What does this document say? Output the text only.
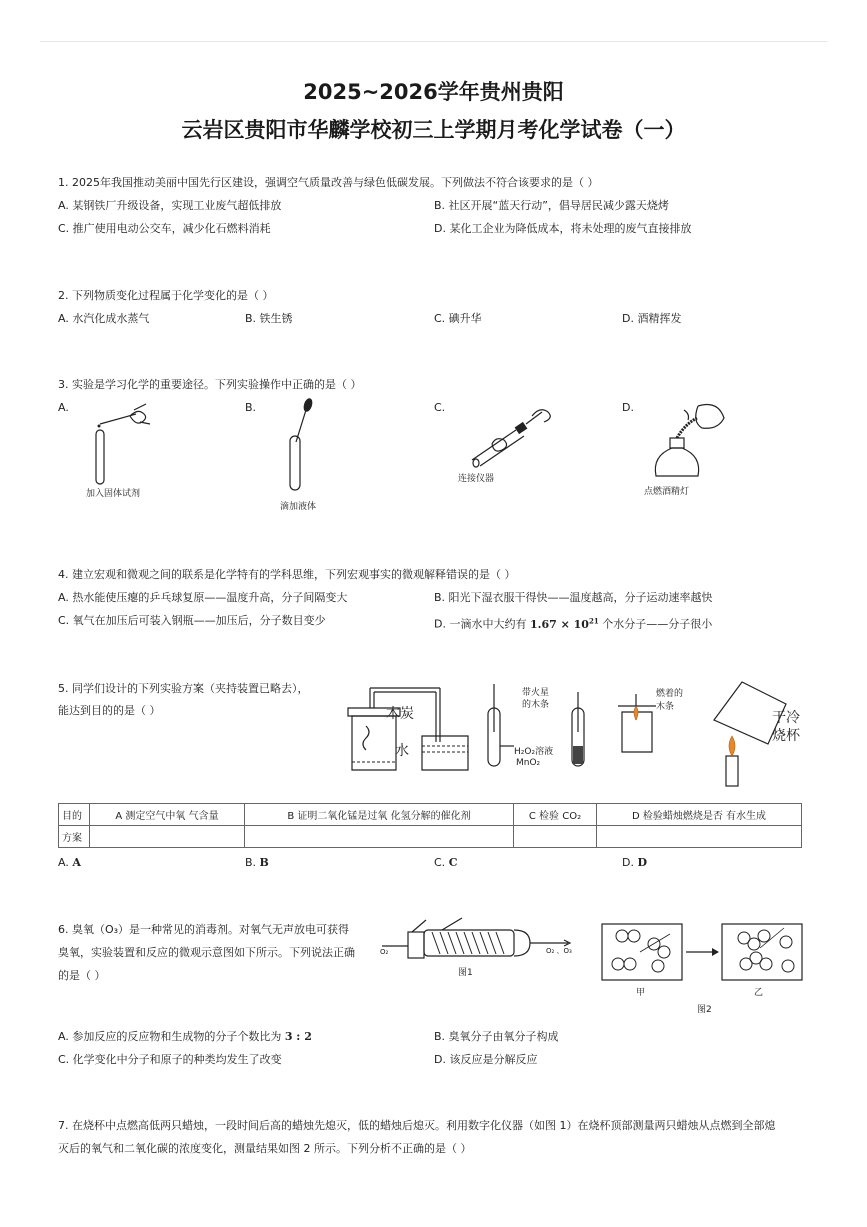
2025~2026学年贵州贵阳
云岩区贵阳市华麟学校初三上学期月考化学试卷（一）
1. 2025年我国推动美丽中国先行区建设，强调空气质量改善与绿色低碳发展。下列做法不符合该要求的是（ ）
A. 某钢铁厂升级设备，实现工业废气超低排放	B. 社区开展“蓝天行动”，倡导居民减少露天烧烤
C. 推广使用电动公交车，减少化石燃料消耗	D. 某化工企业为降低成本，将未处理的废气直接排放
2. 下列物质变化过程属于化学变化的是（ ）
A. 水汽化成水蒸气	B. 铁生锈	C. 碘升华	D. 酒精挥发
3. 实验是学习化学的重要途径。下列实验操作中正确的是（ ）
A.	B.	C.	D.
加入固体试剂
滴加液体
连接仪器
点燃酒精灯
4. 建立宏观和微观之间的联系是化学特有的学科思维，下列宏观事实的微观解释错误的是（ ）
A. 热水能使压瘪的乒乓球复原——温度升高，分子间隔变大	B. 阳光下湿衣服干得快——温度越高，分子运动速率越快
C. 氧气在加压后可装入钢瓶——加压后，分子数目变少	D. 一滴水中大约有 $1.67 \times 10^{21}$ 个水分子——分子很小
5. 同学们设计的下列实验方案（夹持装置已略去），
能达到目的的是（ ）	木炭
水
带火星
的木条
H₂O₂溶液
MnO₂
燃着的
木条
干冷
烧杯
目的	A 测定空气中氧 气含量	B 证明二氧化锰是过氧 化氢分解的催化剂	C 检验 CO₂	D 检验蜡烛燃烧是否 有水生成
方案				
A. A	B. B	C. C	D. D
6. 臭氧（O₃）是一种常见的消毒剂。对氧气无声放电可获得
臭氧，实验装置和反应的微观示意图如下所示。下列说法正确
的是（ ）
O₂	O₂ 、O₃
图1
甲	乙
图2
A. 参加反应的反应物和生成物的分子个数比为 3 : 2	B. 臭氧分子由氧分子构成
C. 化学变化中分子和原子的种类均发生了改变	D. 该反应是分解反应
7. 在烧杯中点燃高低两只蜡烛，一段时间后高的蜡烛先熄灭，低的蜡烛后熄灭。利用数字化仪器（如图 1）在烧杯顶部测量两只蜡烛从点燃到全部熄
灭后的氧气和二氧化碳的浓度变化，测量结果如图 2 所示。下列分析不正确的是（ ）
